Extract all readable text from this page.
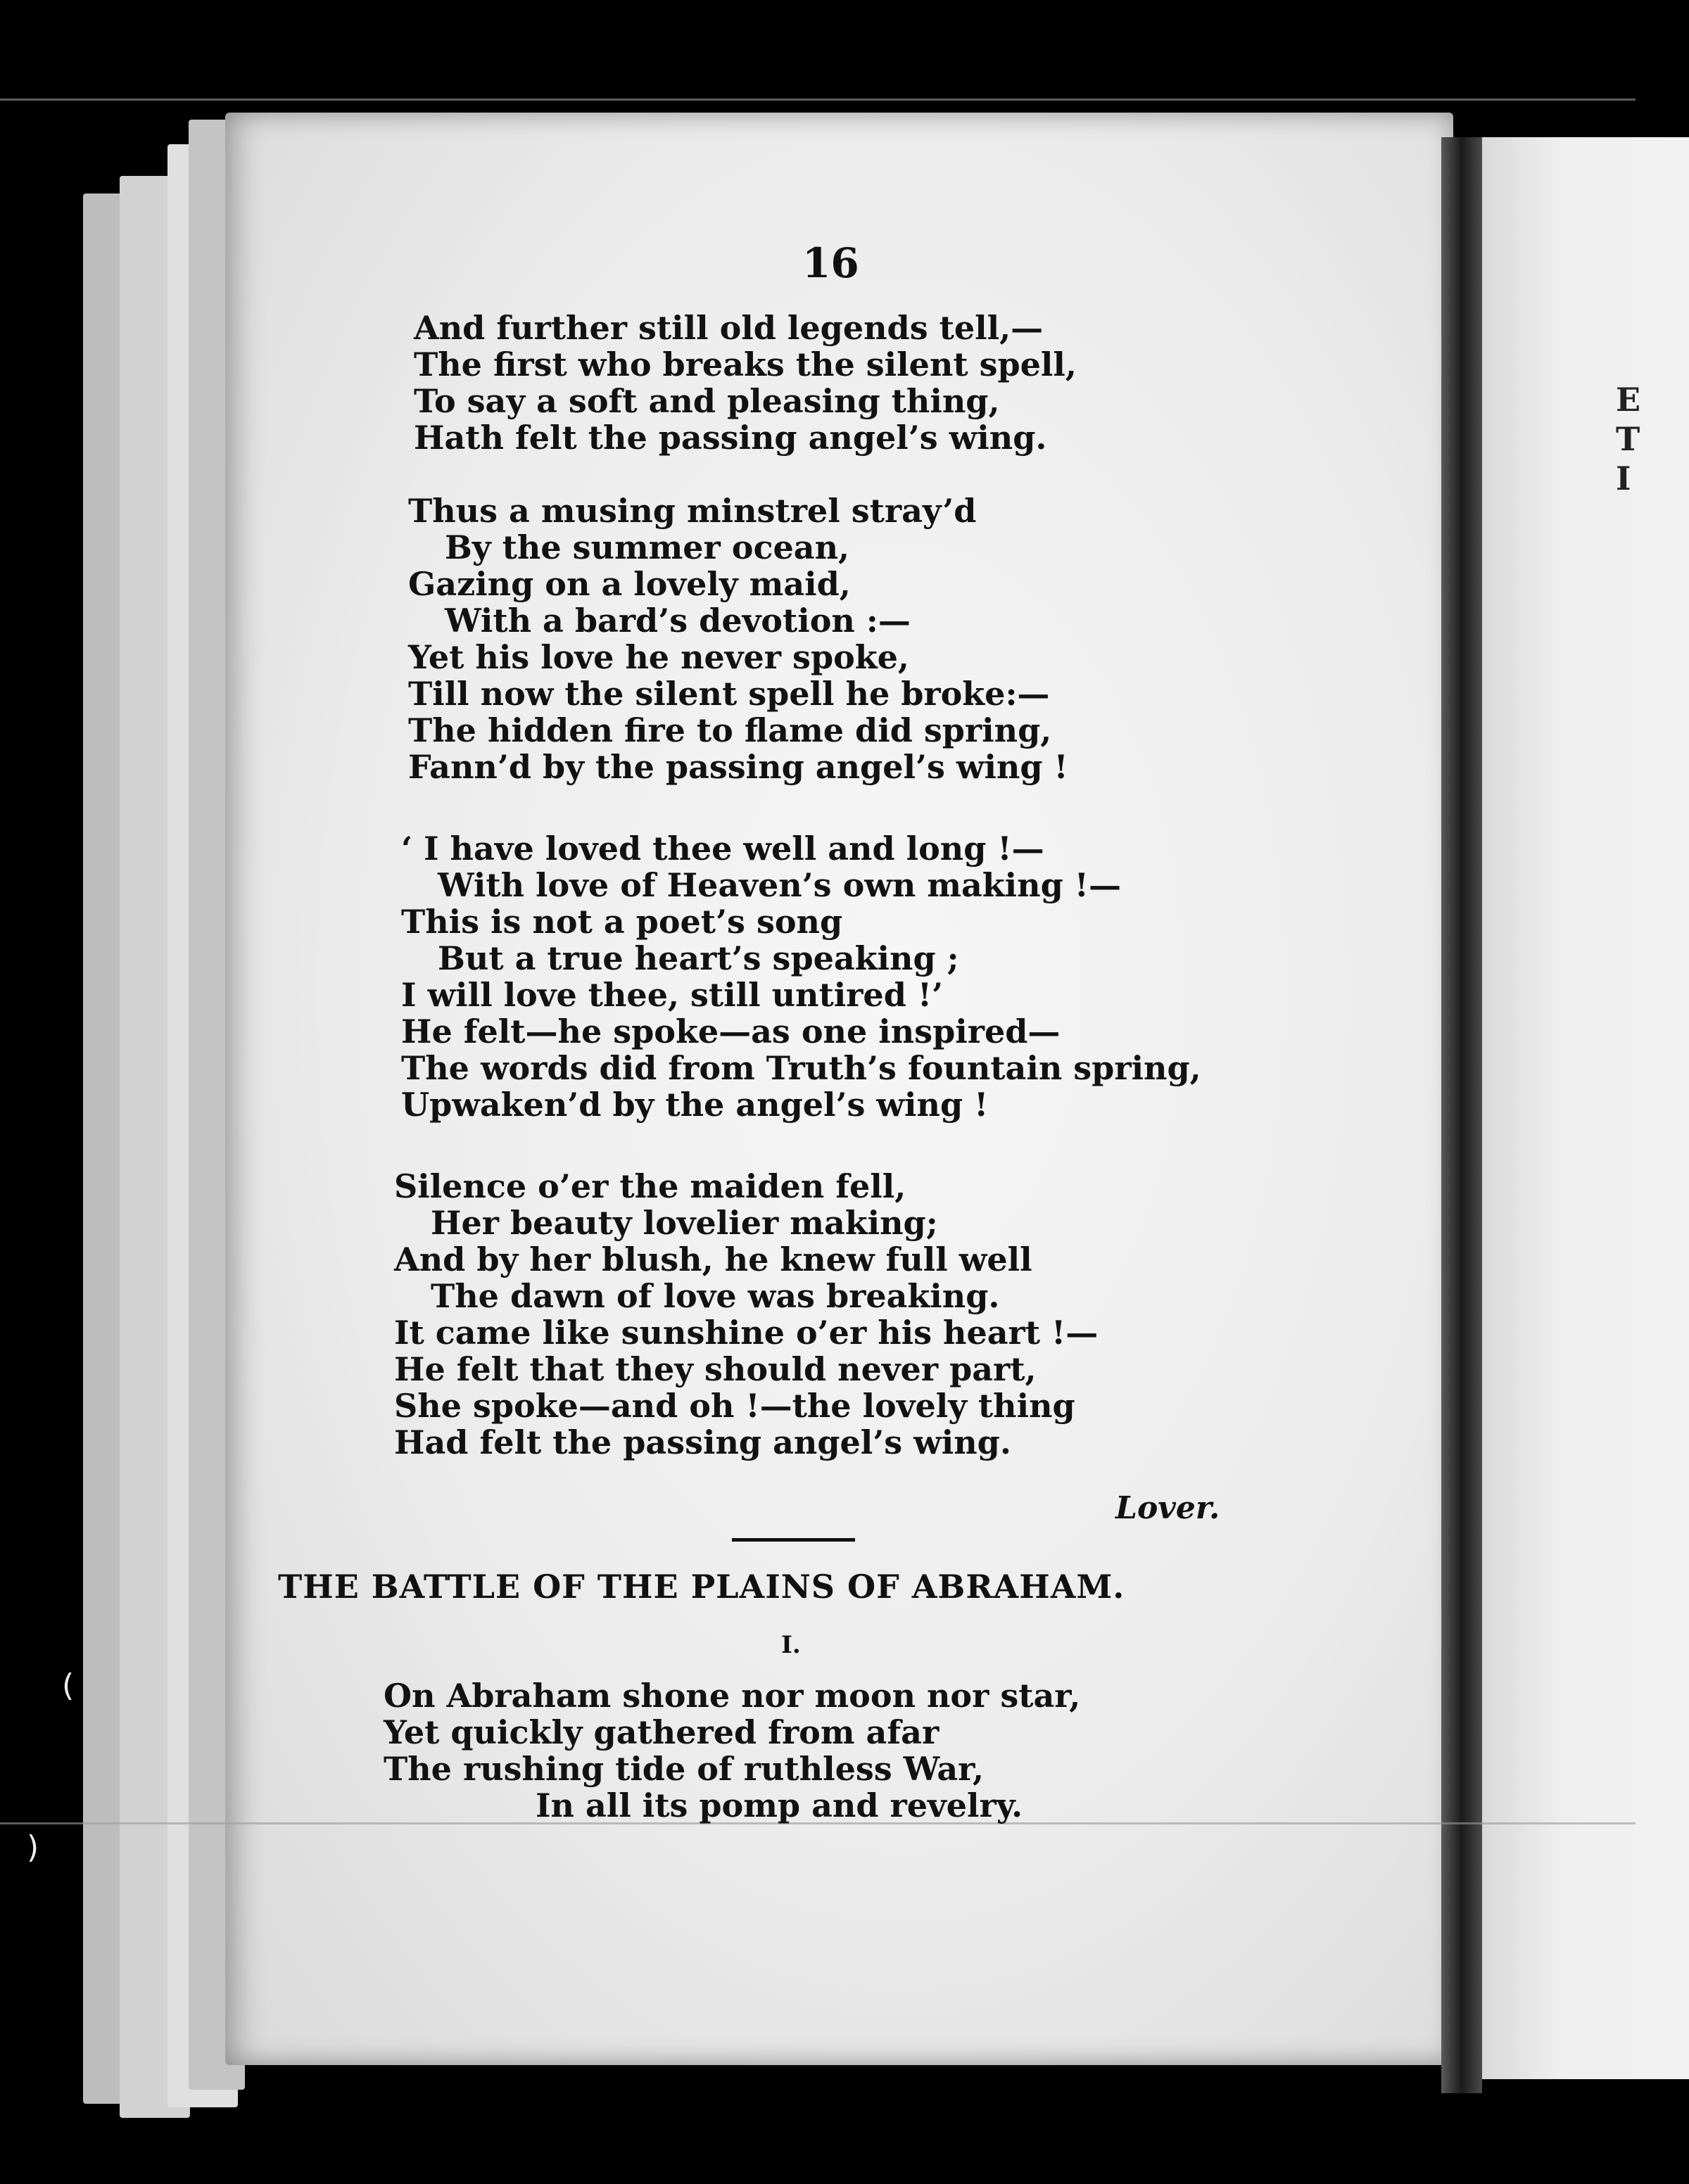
E
T
I
(
)
16
And further still old legends tell,—
The first who breaks the silent spell,
To say a soft and pleasing thing,
Hath felt the passing angel’s wing.
Thus a musing minstrel stray’d
By the summer ocean,
Gazing on a lovely maid,
With a bard’s devotion :—
Yet his love he never spoke,
Till now the silent spell he broke:—
The hidden fire to flame did spring,
Fann’d by the passing angel’s wing !
‘ I have loved thee well and long !—
With love of Heaven’s own making !—
This is not a poet’s song
But a true heart’s speaking ;
I will love thee, still untired !’
He felt—he spoke—as one inspired—
The words did from Truth’s fountain spring,
Upwaken’d by the angel’s wing !
Silence o’er the maiden fell,
Her beauty lovelier making;
And by her blush, he knew full well
The dawn of love was breaking.
It came like sunshine o’er his heart !—
He felt that they should never part,
She spoke—and oh !—the lovely thing
Had felt the passing angel’s wing.
Lover.
THE BATTLE OF THE PLAINS OF ABRAHAM.
I.
On Abraham shone nor moon nor star,
Yet quickly gathered from afar
The rushing tide of ruthless War,
In all its pomp and revelry.
